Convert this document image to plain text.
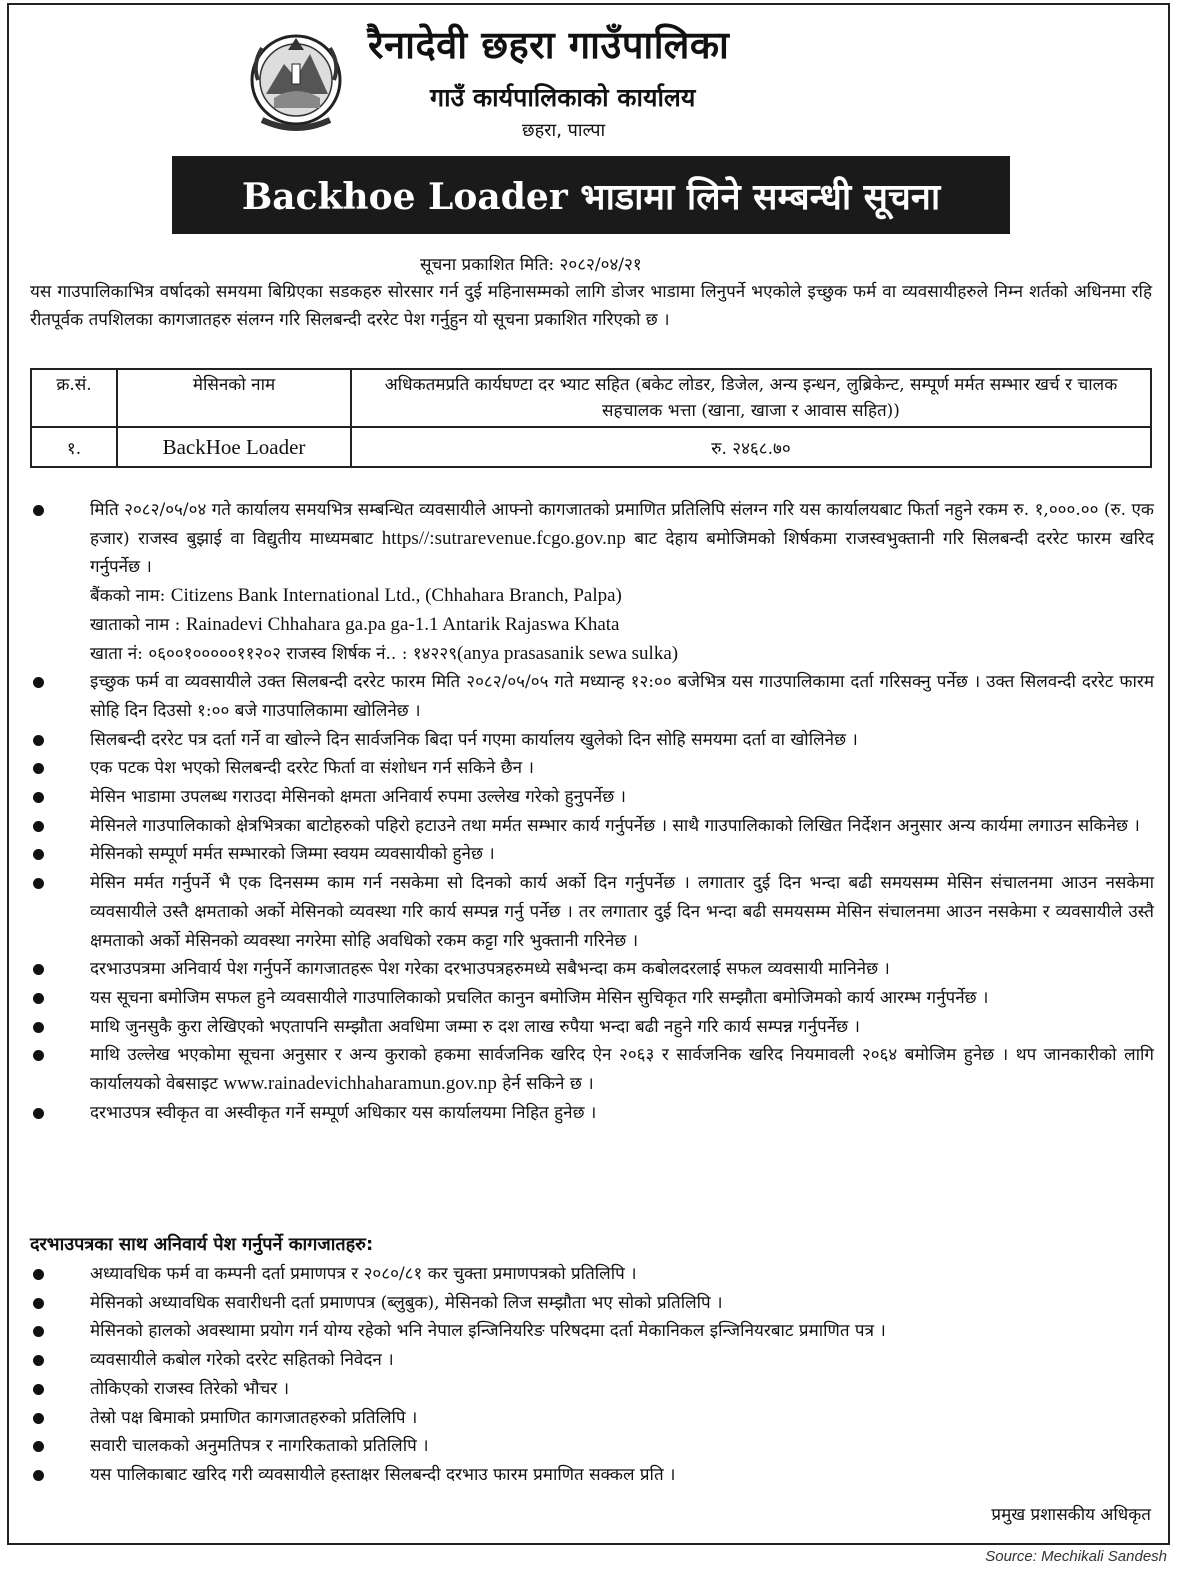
रैनादेवी छहरा गाउँपालिका
गाउँ कार्यपालिकाको कार्यालय
छहरा, पाल्पा
Backhoe Loader भाडामा लिने सम्बन्धी सूचना
सूचना प्रकाशित मिति: २०८२/०४/२१
यस गाउपालिकाभित्र वर्षादको समयमा बिग्रिएका सडकहरु सोरसार गर्न दुई महिनासम्मको लागि डोजर भाडामा लिनुपर्ने भएकोले इच्छुक फर्म वा व्यवसायीहरुले निम्न शर्तको अधिनमा रहि रीतपूर्वक तपशिलका कागजातहरु संलग्न गरि सिलबन्दी दररेट पेश गर्नुहुन यो सूचना प्रकाशित गरिएको छ ।
क्र.सं.	मेसिनको नाम	अधिकतमप्रति कार्यघण्टा दर भ्याट सहित (बकेट लोडर, डिजेल, अन्य इन्धन, लुब्रिकेन्ट, सम्पूर्ण मर्मत सम्भार खर्च र चालक सहचालक भत्ता (खाना, खाजा र आवास सहित))
१.	BackHoe Loader	रु. २४६८.७०
मिति २०८२/०५/०४ गते कार्यालय समयभित्र सम्बन्धित व्यवसायीले आफ्नो कागजातको प्रमाणित प्रतिलिपि संलग्न गरि यस कार्यालयबाट फिर्ता नहुने रकम रु. १,०००.०० (रु. एक हजार) राजस्व बुझाई वा विद्युतीय माध्यमबाट https//:sutrarevenue.fcgo.gov.np बाट देहाय बमोजिमको शिर्षकमा राजस्वभुक्तानी गरि सिलबन्दी दररेट फारम खरिद गर्नुपर्नेछ ।
बैंकको नाम: Citizens Bank International Ltd., (Chhahara Branch, Palpa)
खाताको नाम : Rainadevi Chhahara ga.pa ga-1.1 Antarik Rajaswa Khata
खाता नं: ०६००१०००००११२०२ राजस्व शिर्षक नं.. : १४२२९(anya prasasanik sewa sulka)
इच्छुक फर्म वा व्यवसायीले उक्त सिलबन्दी दररेट फारम मिति २०८२/०५/०५ गते मध्यान्ह १२:०० बजेभित्र यस गाउपालिकामा दर्ता गरिसक्नु पर्नेछ । उक्त सिलवन्दी दररेट फारम सोहि दिन दिउसो १:०० बजे गाउपालिकामा खोलिनेछ ।
सिलबन्दी दररेट पत्र दर्ता गर्ने वा खोल्ने दिन सार्वजनिक बिदा पर्न गएमा कार्यालय खुलेको दिन सोहि समयमा दर्ता वा खोलिनेछ ।
एक पटक पेश भएको सिलबन्दी दररेट फिर्ता वा संशोधन गर्न सकिने छैन ।
मेसिन भाडामा उपलब्ध गराउदा मेसिनको क्षमता अनिवार्य रुपमा उल्लेख गरेको हुनुपर्नेछ ।
मेसिनले गाउपालिकाको क्षेत्रभित्रका बाटोहरुको पहिरो हटाउने तथा मर्मत सम्भार कार्य गर्नुपर्नेछ । साथै गाउपालिकाको लिखित निर्देशन अनुसार अन्य कार्यमा लगाउन सकिनेछ ।
मेसिनको सम्पूर्ण मर्मत सम्भारको जिम्मा स्वयम व्यवसायीको हुनेछ ।
मेसिन मर्मत गर्नुपर्ने भै एक दिनसम्म काम गर्न नसकेमा सो दिनको कार्य अर्को दिन गर्नुपर्नेछ । लगातार दुई दिन भन्दा बढी समयसम्म मेसिन संचालनमा आउन नसकेमा व्यवसायीले उस्तै क्षमताको अर्को मेसिनको व्यवस्था गरि कार्य सम्पन्न गर्नु पर्नेछ । तर लगातार दुई दिन भन्दा बढी समयसम्म मेसिन संचालनमा आउन नसकेमा र व्यवसायीले उस्तै क्षमताको अर्को मेसिनको व्यवस्था नगरेमा सोहि अवधिको रकम कट्टा गरि भुक्तानी गरिनेछ ।
दरभाउपत्रमा अनिवार्य पेश गर्नुपर्ने कागजातहरू पेश गरेका दरभाउपत्रहरुमध्ये सबैभन्दा कम कबोलदरलाई सफल व्यवसायी मानिनेछ ।
यस सूचना बमोजिम सफल हुने व्यवसायीले गाउपालिकाको प्रचलित कानुन बमोजिम मेसिन सुचिकृत गरि सम्झौता बमोजिमको कार्य आरम्भ गर्नुपर्नेछ ।
माथि जुनसुकै कुरा लेखिएको भएतापनि सम्झौता अवधिमा जम्मा रु दश लाख रुपैया भन्दा बढी नहुने गरि कार्य सम्पन्न गर्नुपर्नेछ ।
माथि उल्लेख भएकोमा सूचना अनुसार र अन्य कुराको हकमा सार्वजनिक खरिद ऐन २०६३ र सार्वजनिक खरिद नियमावली २०६४ बमोजिम हुनेछ । थप जानकारीको लागि कार्यालयको वेबसाइट www.rainadevichhaharamun.gov.np हेर्न सकिने छ ।
दरभाउपत्र स्वीकृत वा अस्वीकृत गर्ने सम्पूर्ण अधिकार यस कार्यालयमा निहित हुनेछ ।
दरभाउपत्रका साथ अनिवार्य पेश गर्नुपर्ने कागजातहरु:
अध्यावधिक फर्म वा कम्पनी दर्ता प्रमाणपत्र र २०८०/८१ कर चुक्ता प्रमाणपत्रको प्रतिलिपि ।
मेसिनको अध्यावधिक सवारीधनी दर्ता प्रमाणपत्र (ब्लुबुक), मेसिनको लिज सम्झौता भए सोको प्रतिलिपि ।
मेसिनको हालको अवस्थामा प्रयोग गर्न योग्य रहेको भनि नेपाल इन्जिनियरिङ परिषदमा दर्ता मेकानिकल इन्जिनियरबाट प्रमाणित पत्र ।
व्यवसायीले कबोल गरेको दररेट सहितको निवेदन ।
तोकिएको राजस्व तिरेको भौचर ।
तेस्रो पक्ष बिमाको प्रमाणित कागजातहरुको प्रतिलिपि ।
सवारी चालकको अनुमतिपत्र र नागरिकताको प्रतिलिपि ।
यस पालिकाबाट खरिद गरी व्यवसायीले हस्ताक्षर सिलबन्दी दरभाउ फारम प्रमाणित सक्कल प्रति ।
प्रमुख प्रशासकीय अधिकृत
Source: Mechikali Sandesh
